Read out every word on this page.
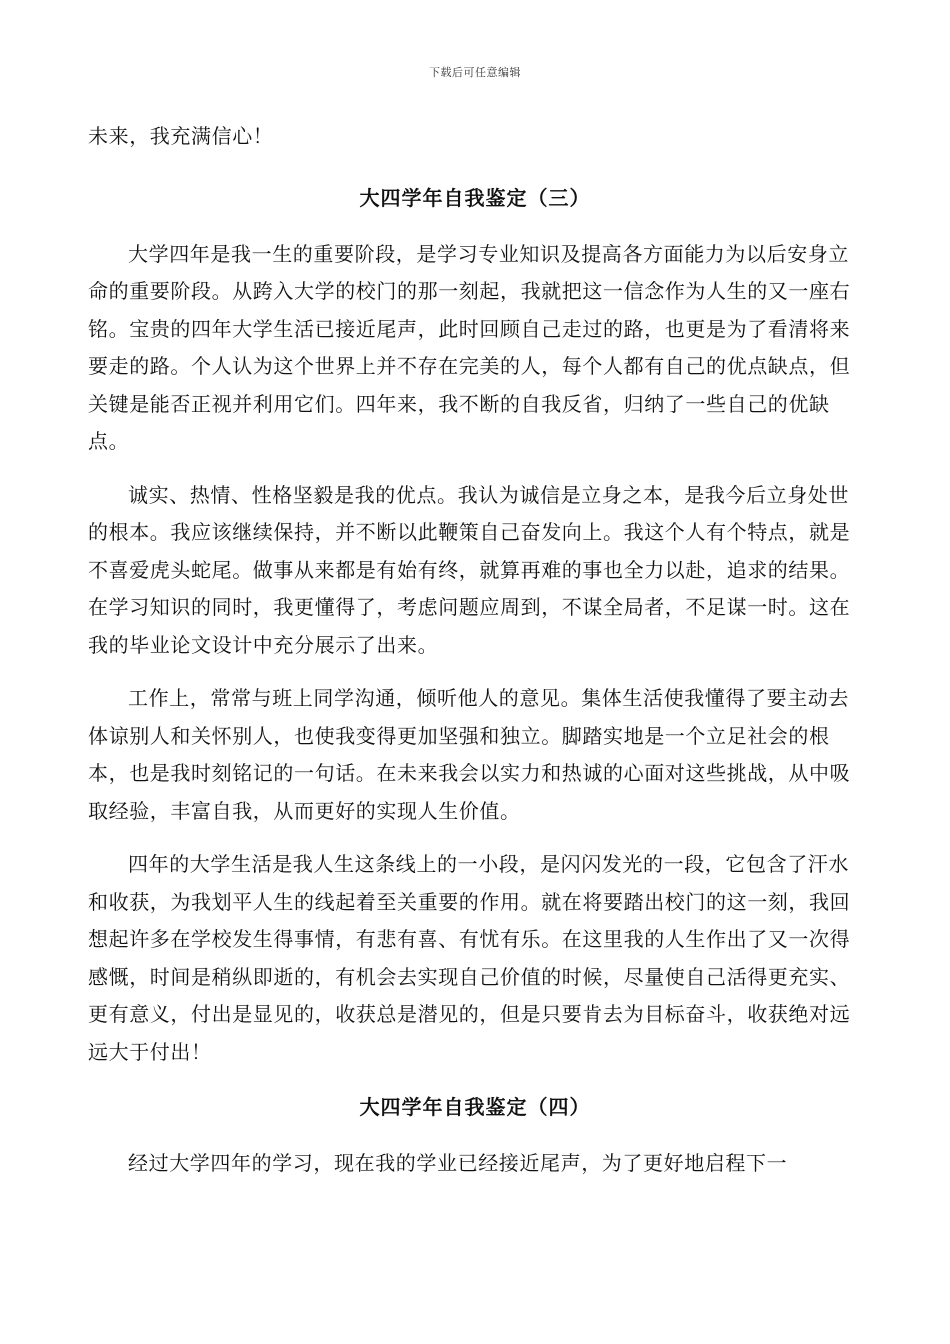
下载后可任意编辑

未来，我充满信心！

大四学年自我鉴定（三）

大学四年是我一生的重要阶段，是学习专业知识及提高各方面能力为以后安身立命的重要阶段。从跨入大学的校门的那一刻起，我就把这一信念作为人生的又一座右铭。宝贵的四年大学生活已接近尾声，此时回顾自己走过的路，也更是为了看清将来要走的路。个人认为这个世界上并不存在完美的人，每个人都有自己的优点缺点，但关键是能否正视并利用它们。四年来，我不断的自我反省，归纳了一些自己的优缺点。

诚实、热情、性格坚毅是我的优点。我认为诚信是立身之本，是我今后立身处世的根本。我应该继续保持，并不断以此鞭策自己奋发向上。我这个人有个特点，就是不喜爱虎头蛇尾。做事从来都是有始有终，就算再难的事也全力以赴，追求的结果。在学习知识的同时，我更懂得了，考虑问题应周到，不谋全局者，不足谋一时。这在我的毕业论文设计中充分展示了出来。

工作上，常常与班上同学沟通，倾听他人的意见。集体生活使我懂得了要主动去体谅别人和关怀别人，也使我变得更加坚强和独立。脚踏实地是一个立足社会的根本，也是我时刻铭记的一句话。在未来我会以实力和热诚的心面对这些挑战，从中吸取经验，丰富自我，从而更好的实现人生价值。

四年的大学生活是我人生这条线上的一小段，是闪闪发光的一段，它包含了汗水和收获，为我划平人生的线起着至关重要的作用。就在将要踏出校门的这一刻，我回想起许多在学校发生得事情，有悲有喜、有忧有乐。在这里我的人生作出了又一次得感慨，时间是稍纵即逝的，有机会去实现自己价值的时候，尽量使自己活得更充实、更有意义，付出是显见的，收获总是潜见的，但是只要肯去为目标奋斗，收获绝对远远大于付出！

大四学年自我鉴定（四）

经过大学四年的学习，现在我的学业已经接近尾声，为了更好地启程下一
